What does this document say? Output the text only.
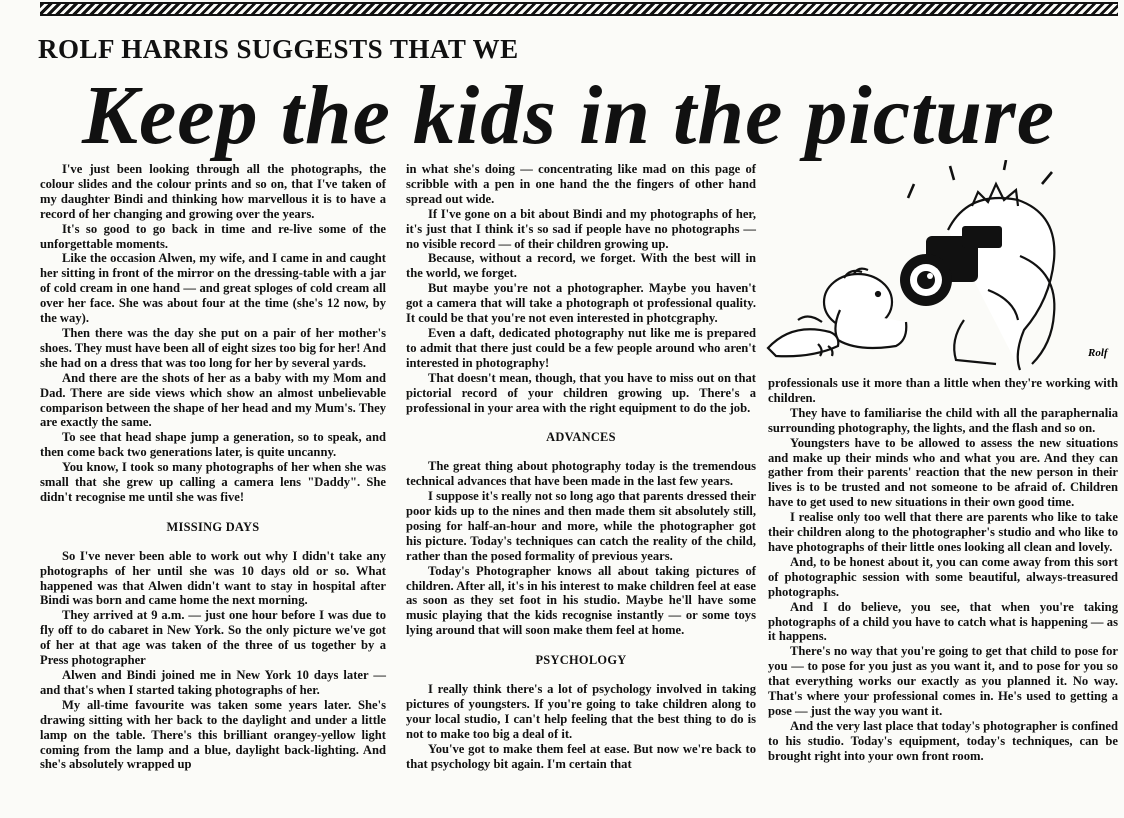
ROLF HARRIS SUGGESTS THAT WE
Keep the kids in the picture

I've just been looking through all the photographs, the colour slides and the colour prints and so on, that I've taken of my daughter Bindi and thinking how marvellous it is to have a record of her changing and growing over the years.

It's so good to go back in time and re-live some of the unforgettable moments.

Like the occasion Alwen, my wife, and I came in and caught her sitting in front of the mirror on the dressing-table with a jar of cold cream in one hand — and great sploges of cold cream all over her face. She was about four at the time (she's 12 now, by the way).

Then there was the day she put on a pair of her mother's shoes. They must have been all of eight sizes too big for her! And she had on a dress that was too long for her by several yards.

And there are the shots of her as a baby with my Mom and Dad. There are side views which show an almost unbelievable comparison between the shape of her head and my Mum's. They are exactly the same.

To see that head shape jump a generation, so to speak, and then come back two generations later, is quite uncanny.

You know, I took so many photographs of her when she was small that she grew up calling a camera lens "Daddy". She didn't recognise me until she was five!

MISSING DAYS

So I've never been able to work out why I didn't take any photographs of her until she was 10 days old or so. What happened was that Alwen didn't want to stay in hospital after Bindi was born and came home the next morning.

They arrived at 9 a.m. — just one hour before I was due to fly off to do cabaret in New York. So the only picture we've got of her at that age was taken of the three of us together by a Press photographer

Alwen and Bindi joined me in New York 10 days later — and that's when I started taking photographs of her.

My all-time favourite was taken some years later. She's drawing sitting with her back to the daylight and under a little lamp on the table. There's this brilliant orangey-yellow light coming from the lamp and a blue, daylight back-lighting. And she's absolutely wrapped up

in what she's doing — concentrating like mad on this page of scribble with a pen in one hand the the fingers of other hand spread out wide.

If I've gone on a bit about Bindi and my photographs of her, it's just that I think it's so sad if people have no photographs — no visible record — of their children growing up.

Because, without a record, we forget. With the best will in the world, we forget.

But maybe you're not a photographer. Maybe you haven't got a camera that will take a photograph ot professional quality. It could be that you're not even interested in photcgraphy.

Even a daft, dedicated photography nut like me is prepared to admit that there just could be a few people around who aren't interested in photography!

That doesn't mean, though, that you have to miss out on that pictorial record of your children growing up. There's a professional in your area with the right equipment to do the job.

ADVANCES

The great thing about photography today is the tremendous technical advances that have been made in the last few years.

I suppose it's really not so long ago that parents dressed their poor kids up to the nines and then made them sit absolutely still, posing for half-an-hour and more, while the photographer got his picture. Today's techniques can catch the reality of the child, rather than the posed formality of previous years.

Today's Photographer knows all about taking pictures of children. After all, it's in his interest to make children feel at ease as soon as they set foot in his studio. Maybe he'll have some music playing that the kids recognise instantly — or some toys lying around that will soon make them feel at home.

PSYCHOLOGY

I really think there's a lot of psychology involved in taking pictures of youngsters. If you're going to take children along to your local studio, I can't help feeling that the best thing to do is not to make too big a deal of it.

You've got to make them feel at ease. But now we're back to that psychology bit again. I'm certain that

professionals use it more than a little when they're working with children.

They have to familiarise the child with all the paraphernalia surrounding photography, the lights, and the flash and so on.

Youngsters have to be allowed to assess the new situations and make up their minds who and what you are. And they can gather from their parents' reaction that the new person in their lives is to be trusted and not someone to be afraid of. Children have to get used to new situations in their own good time.

I realise only too well that there are parents who like to take their children along to the photographer's studio and who like to have photographs of their little ones looking all clean and lovely.

And, to be honest about it, you can come away from this sort of photographic session with some beautiful, always-treasured photographs.

And I do believe, you see, that when you're taking photographs of a child you have to catch what is happening — as it happens.

There's no way that you're going to get that child to pose for you — to pose for you just as you want it, and to pose for you so that everything works our exactly as you planned it. No way. That's where your professional comes in. He's used to getting a pose — just the way you want it.

And the very last place that today's photographer is confined to his studio. Today's equipment, today's techniques, can be brought right into your own front room.

Rolf
